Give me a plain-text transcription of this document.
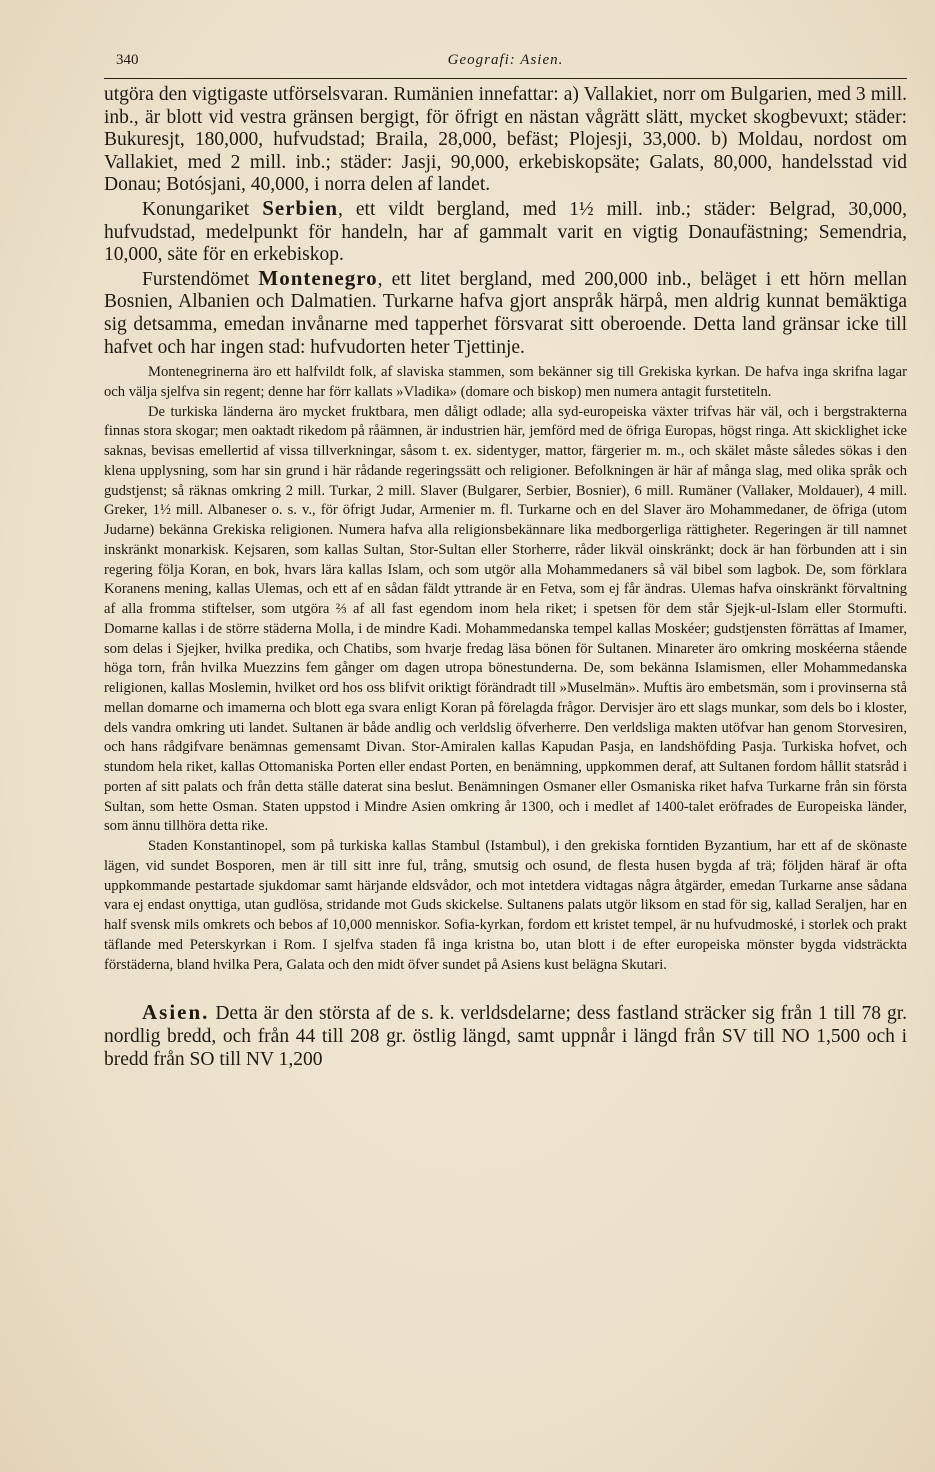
340	Geografi: Asien.

utgöra den vigtigaste utförselsvaran. Rumänien innefattar: a) Vallakiet, norr om Bulgarien, med 3 mill. inb., är blott vid vestra gränsen bergigt, för öfrigt en nästan vågrätt slätt, mycket skogbevuxt; städer: Bukuresjt, 180,000, hufvudstad; Braila, 28,000, befäst; Plojesji, 33,000. b) Moldau, nordost om Vallakiet, med 2 mill. inb.; städer: Jasji, 90,000, erkebiskopsäte; Galats, 80,000, handelsstad vid Donau; Botósjani, 40,000, i norra delen af landet.

Konungariket Serbien, ett vildt bergland, med 1½ mill. inb.; städer: Belgrad, 30,000, hufvudstad, medelpunkt för handeln, har af gammalt varit en vigtig Donaufästning; Semendria, 10,000, säte för en erkebiskop.

Furstendömet Montenegro, ett litet bergland, med 200,000 inb., beläget i ett hörn mellan Bosnien, Albanien och Dalmatien. Turkarne hafva gjort anspråk härpå, men aldrig kunnat bemäktiga sig detsamma, emedan invånarne med tapperhet försvarat sitt oberoende. Detta land gränsar icke till hafvet och har ingen stad: hufvudorten heter Tjettinje.

Montenegrinerna äro ett halfvildt folk, af slaviska stammen, som bekänner sig till Grekiska kyrkan. De hafva inga skrifna lagar och välja sjelfva sin regent; denne har förr kallats »Vladika» (domare och biskop) men numera antagit furstetiteln.

De turkiska länderna äro mycket fruktbara, men dåligt odlade; alla syd-europeiska växter trifvas här väl, och i bergstrakterna finnas stora skogar; men oaktadt rikedom på råämnen, är industrien här, jemförd med de öfriga Europas, högst ringa. Att skicklighet icke saknas, bevisas emellertid af vissa tillverkningar, såsom t. ex. sidentyger, mattor, färgerier m. m., och skälet måste således sökas i den klena upplysning, som har sin grund i här rådande regeringssätt och religioner. Befolkningen är här af många slag, med olika språk och gudstjenst; så räknas omkring 2 mill. Turkar, 2 mill. Slaver (Bulgarer, Serbier, Bosnier), 6 mill. Rumäner (Vallaker, Moldauer), 4 mill. Greker, 1½ mill. Albaneser o. s. v., för öfrigt Judar, Armenier m. fl. Turkarne och en del Slaver äro Mohammedaner, de öfriga (utom Judarne) bekänna Grekiska religionen. Numera hafva alla religionsbekännare lika medborgerliga rättigheter. Regeringen är till namnet inskränkt monarkisk. Kejsaren, som kallas Sultan, Stor-Sultan eller Storherre, råder likväl oinskränkt; dock är han förbunden att i sin regering följa Koran, en bok, hvars lära kallas Islam, och som utgör alla Mohammedaners så väl bibel som lagbok. De, som förklara Koranens mening, kallas Ulemas, och ett af en sådan fäldt yttrande är en Fetva, som ej får ändras. Ulemas hafva oinskränkt förvaltning af alla fromma stiftelser, som utgöra ⅔ af all fast egendom inom hela riket; i spetsen för dem står Sjejk-ul-Islam eller Stormufti. Domarne kallas i de större städerna Molla, i de mindre Kadi. Mohammedanska tempel kallas Moskéer; gudstjensten förrättas af Imamer, som delas i Sjejker, hvilka predika, och Chatibs, som hvarje fredag läsa bönen för Sultanen. Minareter äro omkring moskéerna stående höga torn, från hvilka Muezzins fem gånger om dagen utropa bönestunderna. De, som bekänna Islamismen, eller Mohammedanska religionen, kallas Moslemin, hvilket ord hos oss blifvit oriktigt förändradt till »Muselmän». Muftis äro embetsmän, som i provinserna stå mellan domarne och imamerna och blott ega svara enligt Koran på förelagda frågor. Dervisjer äro ett slags munkar, som dels bo i kloster, dels vandra omkring uti landet. Sultanen är både andlig och verldslig öfverherre. Den verldsliga makten utöfvar han genom Storvesiren, och hans rådgifvare benämnas gemensamt Divan. Stor-Amiralen kallas Kapudan Pasja, en landshöfding Pasja. Turkiska hofvet, och stundom hela riket, kallas Ottomaniska Porten eller endast Porten, en benämning, uppkommen deraf, att Sultanen fordom hållit statsråd i porten af sitt palats och från detta ställe daterat sina beslut. Benämningen Osmaner eller Osmaniska riket hafva Turkarne från sin första Sultan, som hette Osman. Staten uppstod i Mindre Asien omkring år 1300, och i medlet af 1400-talet eröfrades de Europeiska länder, som ännu tillhöra detta rike.

Staden Konstantinopel, som på turkiska kallas Stambul (Istambul), i den grekiska forntiden Byzantium, har ett af de skönaste lägen, vid sundet Bosporen, men är till sitt inre ful, trång, smutsig och osund, de flesta husen bygda af trä; följden häraf är ofta uppkommande pestartade sjukdomar samt härjande eldsvådor, och mot intetdera vidtagas några åtgärder, emedan Turkarne anse sådana vara ej endast onyttiga, utan gudlösa, stridande mot Guds skickelse. Sultanens palats utgör liksom en stad för sig, kallad Seraljen, har en half svensk mils omkrets och bebos af 10,000 menniskor. Sofia-kyrkan, fordom ett kristet tempel, är nu hufvudmoské, i storlek och prakt täflande med Peterskyrkan i Rom. I sjelfva staden få inga kristna bo, utan blott i de efter europeiska mönster bygda vidsträckta förstäderna, bland hvilka Pera, Galata och den midt öfver sundet på Asiens kust belägna Skutari.

Asien. Detta är den största af de s. k. verldsdelarne; dess fastland sträcker sig från 1 till 78 gr. nordlig bredd, och från 44 till 208 gr. östlig längd, samt uppnår i längd från SV till NO 1,500 och i bredd från SO till NV 1,200
